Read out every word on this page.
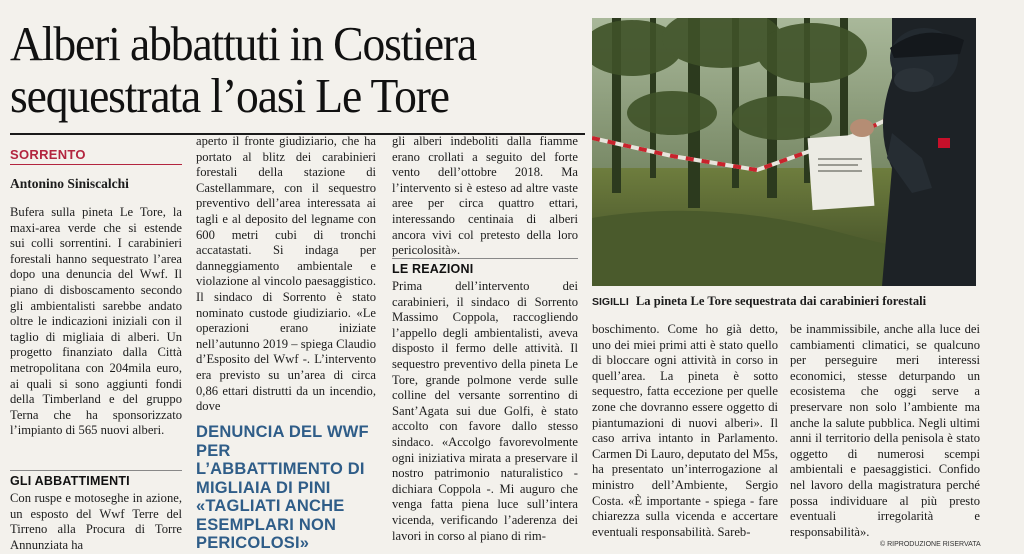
Alberi abbattuti in Costiera
sequestrata l’oasi Le Tore
SORRENTO
Antonino Siniscalchi

Bufera sulla pineta Le Tore, la maxi-area verde che si estende sui colli sorrentini. I carabinieri forestali hanno sequestrato l’area dopo una denuncia del Wwf. Il piano di disboscamento secondo gli ambientalisti sarebbe andato oltre le indicazioni iniziali con il taglio di migliaia di alberi. Un progetto finanziato dalla Città metropolitana con 204mila euro, ai quali si sono aggiunti fondi della Timberland e del gruppo Terna che ha sponsorizzato l’impianto di 565 nuovi alberi.

GLI ABBATTIMENTI

Con ruspe e motoseghe in azione, un esposto del Wwf Terre del Tirreno alla Procura di Torre Annunziata ha

aperto il fronte giudiziario, che ha portato al blitz dei carabinieri forestali della stazione di Castellammare, con il sequestro preventivo dell’area interessata ai tagli e al deposito del legname con 600 metri cubi di tronchi accatastati. Si indaga per danneggiamento ambientale e violazione al vincolo paesaggistico. Il sindaco di Sorrento è stato nominato custode giudiziario. «Le operazioni erano iniziate nell’autunno 2019 – spiega Claudio d’Esposito del Wwf -. L’intervento era previsto su un’area di circa 0,86 ettari distrutti da un incendio, dove

DENUNCIA DEL WWF PER L’ABBATTIMENTO DI MIGLIAIA DI PINI «TAGLIATI ANCHE ESEMPLARI NON PERICOLOSI»

gli alberi indeboliti dalla fiamme erano crollati a seguito del forte vento dell’ottobre 2018. Ma l’intervento si è esteso ad altre vaste aree per circa quattro ettari, interessando centinaia di alberi ancora vivi col pretesto della loro pericolosità».

LE REAZIONI

Prima dell’intervento dei carabinieri, il sindaco di Sorrento Massimo Coppola, raccogliendo l’appello degli ambientalisti, aveva disposto il fermo delle attività. Il sequestro preventivo della pineta Le Tore, grande polmone verde sulle colline del versante sorrentino di Sant’Agata sui due Golfi, è stato accolto con favore dallo stesso sindaco. «Accolgo favorevolmente ogni iniziativa mirata a preservare il nostro patrimonio naturalistico - dichiara Coppola -. Mi auguro che venga fatta piena luce sull’intera vicenda, verificando l’aderenza dei lavori in corso al piano di rim-

SIGILLI La pineta Le Tore sequestrata dai carabinieri forestali

boschimento. Come ho già detto, uno dei miei primi atti è stato quello di bloccare ogni attività in corso in quell’area. La pineta è sotto sequestro, fatta eccezione per quelle zone che dovranno essere oggetto di piantumazioni di nuovi alberi». Il caso arriva intanto in Parlamento. Carmen Di Lauro, deputato del M5s, ha presentato un’interrogazione al ministro dell’Ambiente, Sergio Costa. «È importante - spiega - fare chiarezza sulla vicenda e accertare eventuali responsabilità. Sareb-

be inammissibile, anche alla luce dei cambiamenti climatici, se qualcuno per perseguire meri interessi economici, stesse deturpando un ecosistema che oggi serve a preservare non solo l’ambiente ma anche la salute pubblica. Negli ultimi anni il territorio della penisola è stato oggetto di numerosi scempi ambientali e paesaggistici. Confido nel lavoro della magistratura perché possa individuare al più presto eventuali irregolarità e responsabilità».

© RIPRODUZIONE RISERVATA
